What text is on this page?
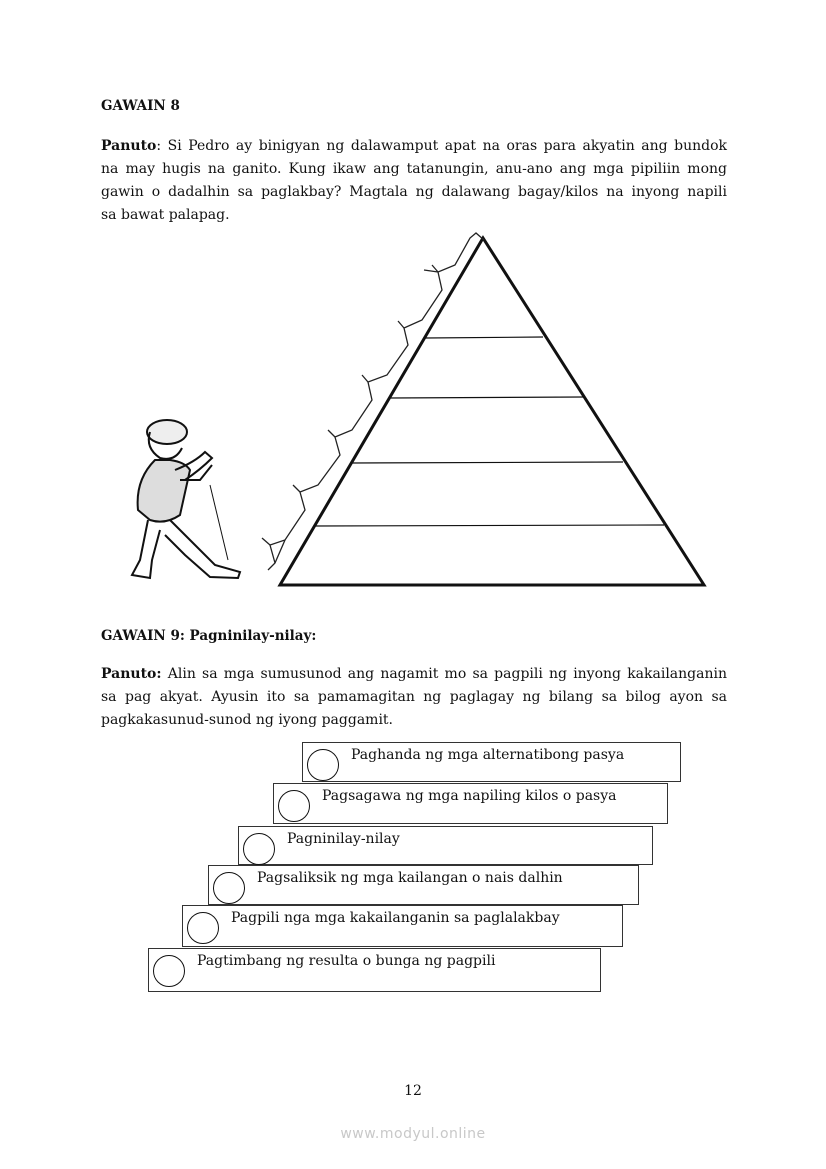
GAWAIN 8
Panuto: Si Pedro ay binigyan ng dalawamput apat na oras para akyatin ang bundok
na may hugis na ganito. Kung ikaw ang tatanungin, anu-ano ang mga pipiliin mong
gawin o dadalhin sa paglakbay? Magtala ng dalawang bagay/kilos na inyong napili
sa bawat palapag.
GAWAIN 9: Pagninilay-nilay:
Panuto: Alin sa mga sumusunod ang nagamit mo sa pagpili ng inyong kakailanganin
sa pag akyat. Ayusin ito sa pamamagitan ng paglagay ng bilang sa bilog ayon sa
pagkakasunud-sunod ng iyong paggamit.
Paghanda ng mga alternatibong pasya
Pagsagawa ng mga napiling kilos o pasya
Pagninilay-nilay
Pagsaliksik ng mga kailangan o nais dalhin
Pagpili nga mga kakailanganin sa paglalakbay
Pagtimbang ng resulta o bunga ng pagpili
12
www.modyul.online
